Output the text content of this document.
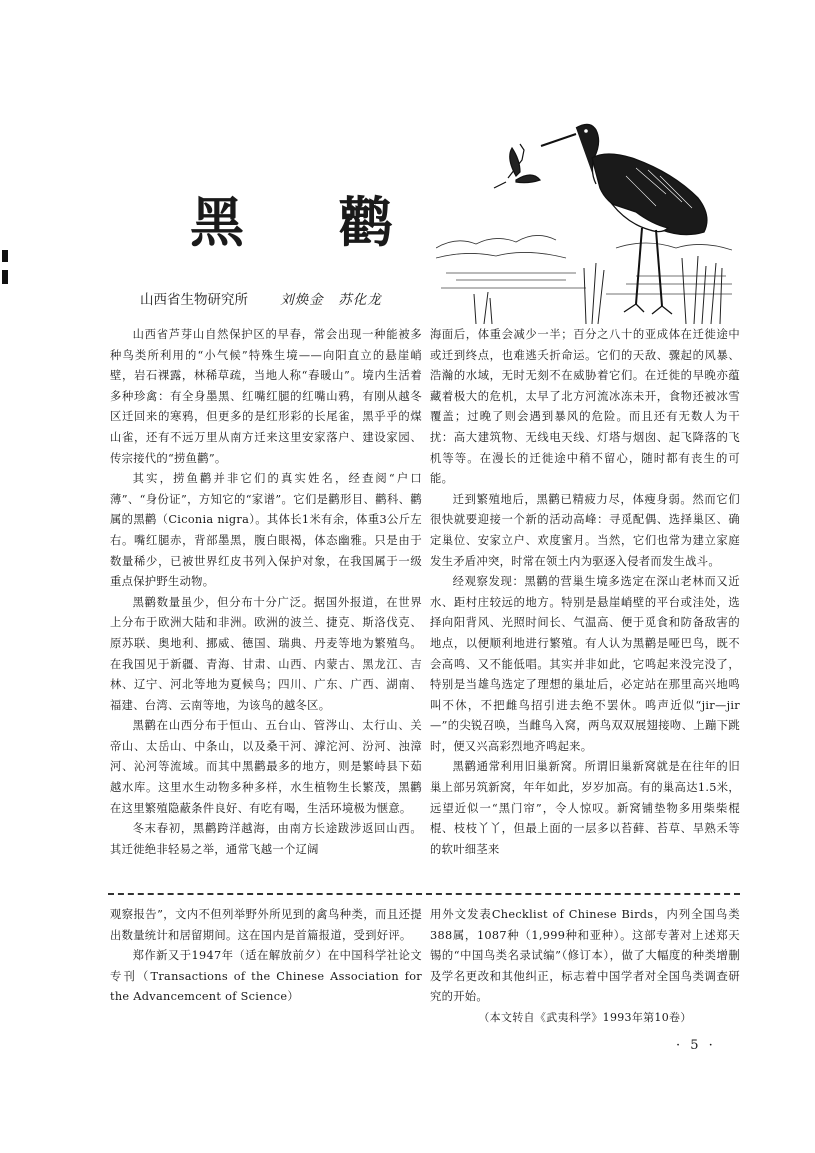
黑 鹳
山西省生物研究所 刘焕金　苏化龙

山西省芦芽山自然保护区的早春，常会出现一种能被多种鸟类所利用的“小气候”特殊生境——向阳直立的悬崖峭壁，岩石裸露，林稀草疏，当地人称“春暖山”。境内生活着多种珍禽：有全身墨黑、红嘴红腿的红嘴山鸦，有刚从越冬区迁回来的寒鸦，但更多的是红形彩的长尾雀，黑乎乎的煤山雀，还有不远万里从南方迁来这里安家落户、建设家园、传宗接代的“捞鱼鹳”。

其实，捞鱼鹳并非它们的真实姓名，经查阅“户口薄”、“身份证”，方知它的“家谱”。它们是鹳形目、鹳科、鹳属的黑鹳（Ciconia nigra）。其体长1米有余，体重3公斤左右。嘴红腿赤，背部墨黑，腹白眼褐，体态幽雅。只是由于数量稀少，已被世界红皮书列入保护对象，在我国属于一级重点保护野生动物。

黑鹳数量虽少，但分布十分广泛。据国外报道，在世界上分布于欧洲大陆和非洲。欧洲的波兰、捷克、斯洛伐克、原苏联、奥地利、挪威、德国、瑞典、丹麦等地为繁殖鸟。在我国见于新疆、青海、甘肃、山西、内蒙古、黑龙江、吉林、辽宁、河北等地为夏候鸟；四川、广东、广西、湖南、福建、台湾、云南等地，为该鸟的越冬区。

黑鹳在山西分布于恒山、五台山、管涔山、太行山、关帝山、太岳山、中条山，以及桑干河、滹沱河、汾河、浊漳河、沁河等流域。而其中黑鹳最多的地方，则是繁峙县下茹越水库。这里水生动物多种多样，水生植物生长繁茂，黑鹳在这里繁殖隐蔽条件良好、有吃有喝，生活环境极为惬意。

冬末春初，黑鹳跨洋越海，由南方长途跋涉返回山西。其迁徙绝非轻易之举，通常飞越一个辽阔

海面后，体重会减少一半；百分之八十的亚成体在迁徙途中或迁到终点，也难逃夭折命运。它们的天敌、骤起的风暴、浩瀚的水域，无时无刻不在威胁着它们。在迁徙的早晚亦蕴藏着极大的危机，太早了北方河流冰冻未开，食物还被冰雪覆盖；过晚了则会遇到暴风的危险。而且还有无数人为干扰：高大建筑物、无线电天线、灯塔与烟囱、起飞降落的飞机等等。在漫长的迁徙途中稍不留心，随时都有丧生的可能。

迁到繁殖地后，黑鹳已精疲力尽，体瘦身弱。然而它们很快就要迎接一个新的活动高峰：寻觅配偶、选择巢区、确定巢位、安家立户、欢度蜜月。当然，它们也常为建立家庭发生矛盾冲突，时常在领土内为驱逐入侵者而发生战斗。

经观察发现：黑鹳的营巢生境多选定在深山老林而又近水、距村庄较远的地方。特别是悬崖峭壁的平台或洼处，选择向阳背风、光照时间长、气温高、便于觅食和防备敌害的地点，以便顺利地进行繁殖。有人认为黑鹳是哑巴鸟，既不会高鸣、又不能低唱。其实并非如此，它鸣起来没完没了，特别是当雄鸟选定了理想的巢址后，必定站在那里高兴地鸣叫不休，不把雌鸟招引进去绝不罢休。鸣声近似“jir—jir—”的尖锐召唤，当雌鸟入窝，两鸟双双展翅接吻、上蹦下跳时，便又兴高彩烈地齐鸣起来。

黑鹳通常利用旧巢新窝。所谓旧巢新窝就是在往年的旧巢上部另筑新窝，年年如此，岁岁加高。有的巢高达1.5米，远望近似一“黑门帘”，令人惊叹。新窝铺垫物多用柴柴棍棍、枝枝丫丫，但最上面的一层多以苔藓、苔草、旱熟禾等的软叶细茎来

观察报告”，文内不但列举野外所见到的禽鸟种类，而且还提出数量统计和居留期间。这在国内是首篇报道，受到好评。

郑作新又于1947年（适在解放前夕）在中国科学社论文专刊（Transactions of the Chinese Association for the Advancemcent of Science）

用外文发表Checklist of Chinese Birds，内列全国鸟类388属，1087种（1,999种和亚种）。这部专著对上述郑天锡的“中国鸟类名录试编”（修订本），做了大幅度的种类增删及学名更改和其他纠正，标志着中国学者对全国鸟类调查研究的开始。

（本文转自《武夷科学》1993年第10卷）

· 5 ·
